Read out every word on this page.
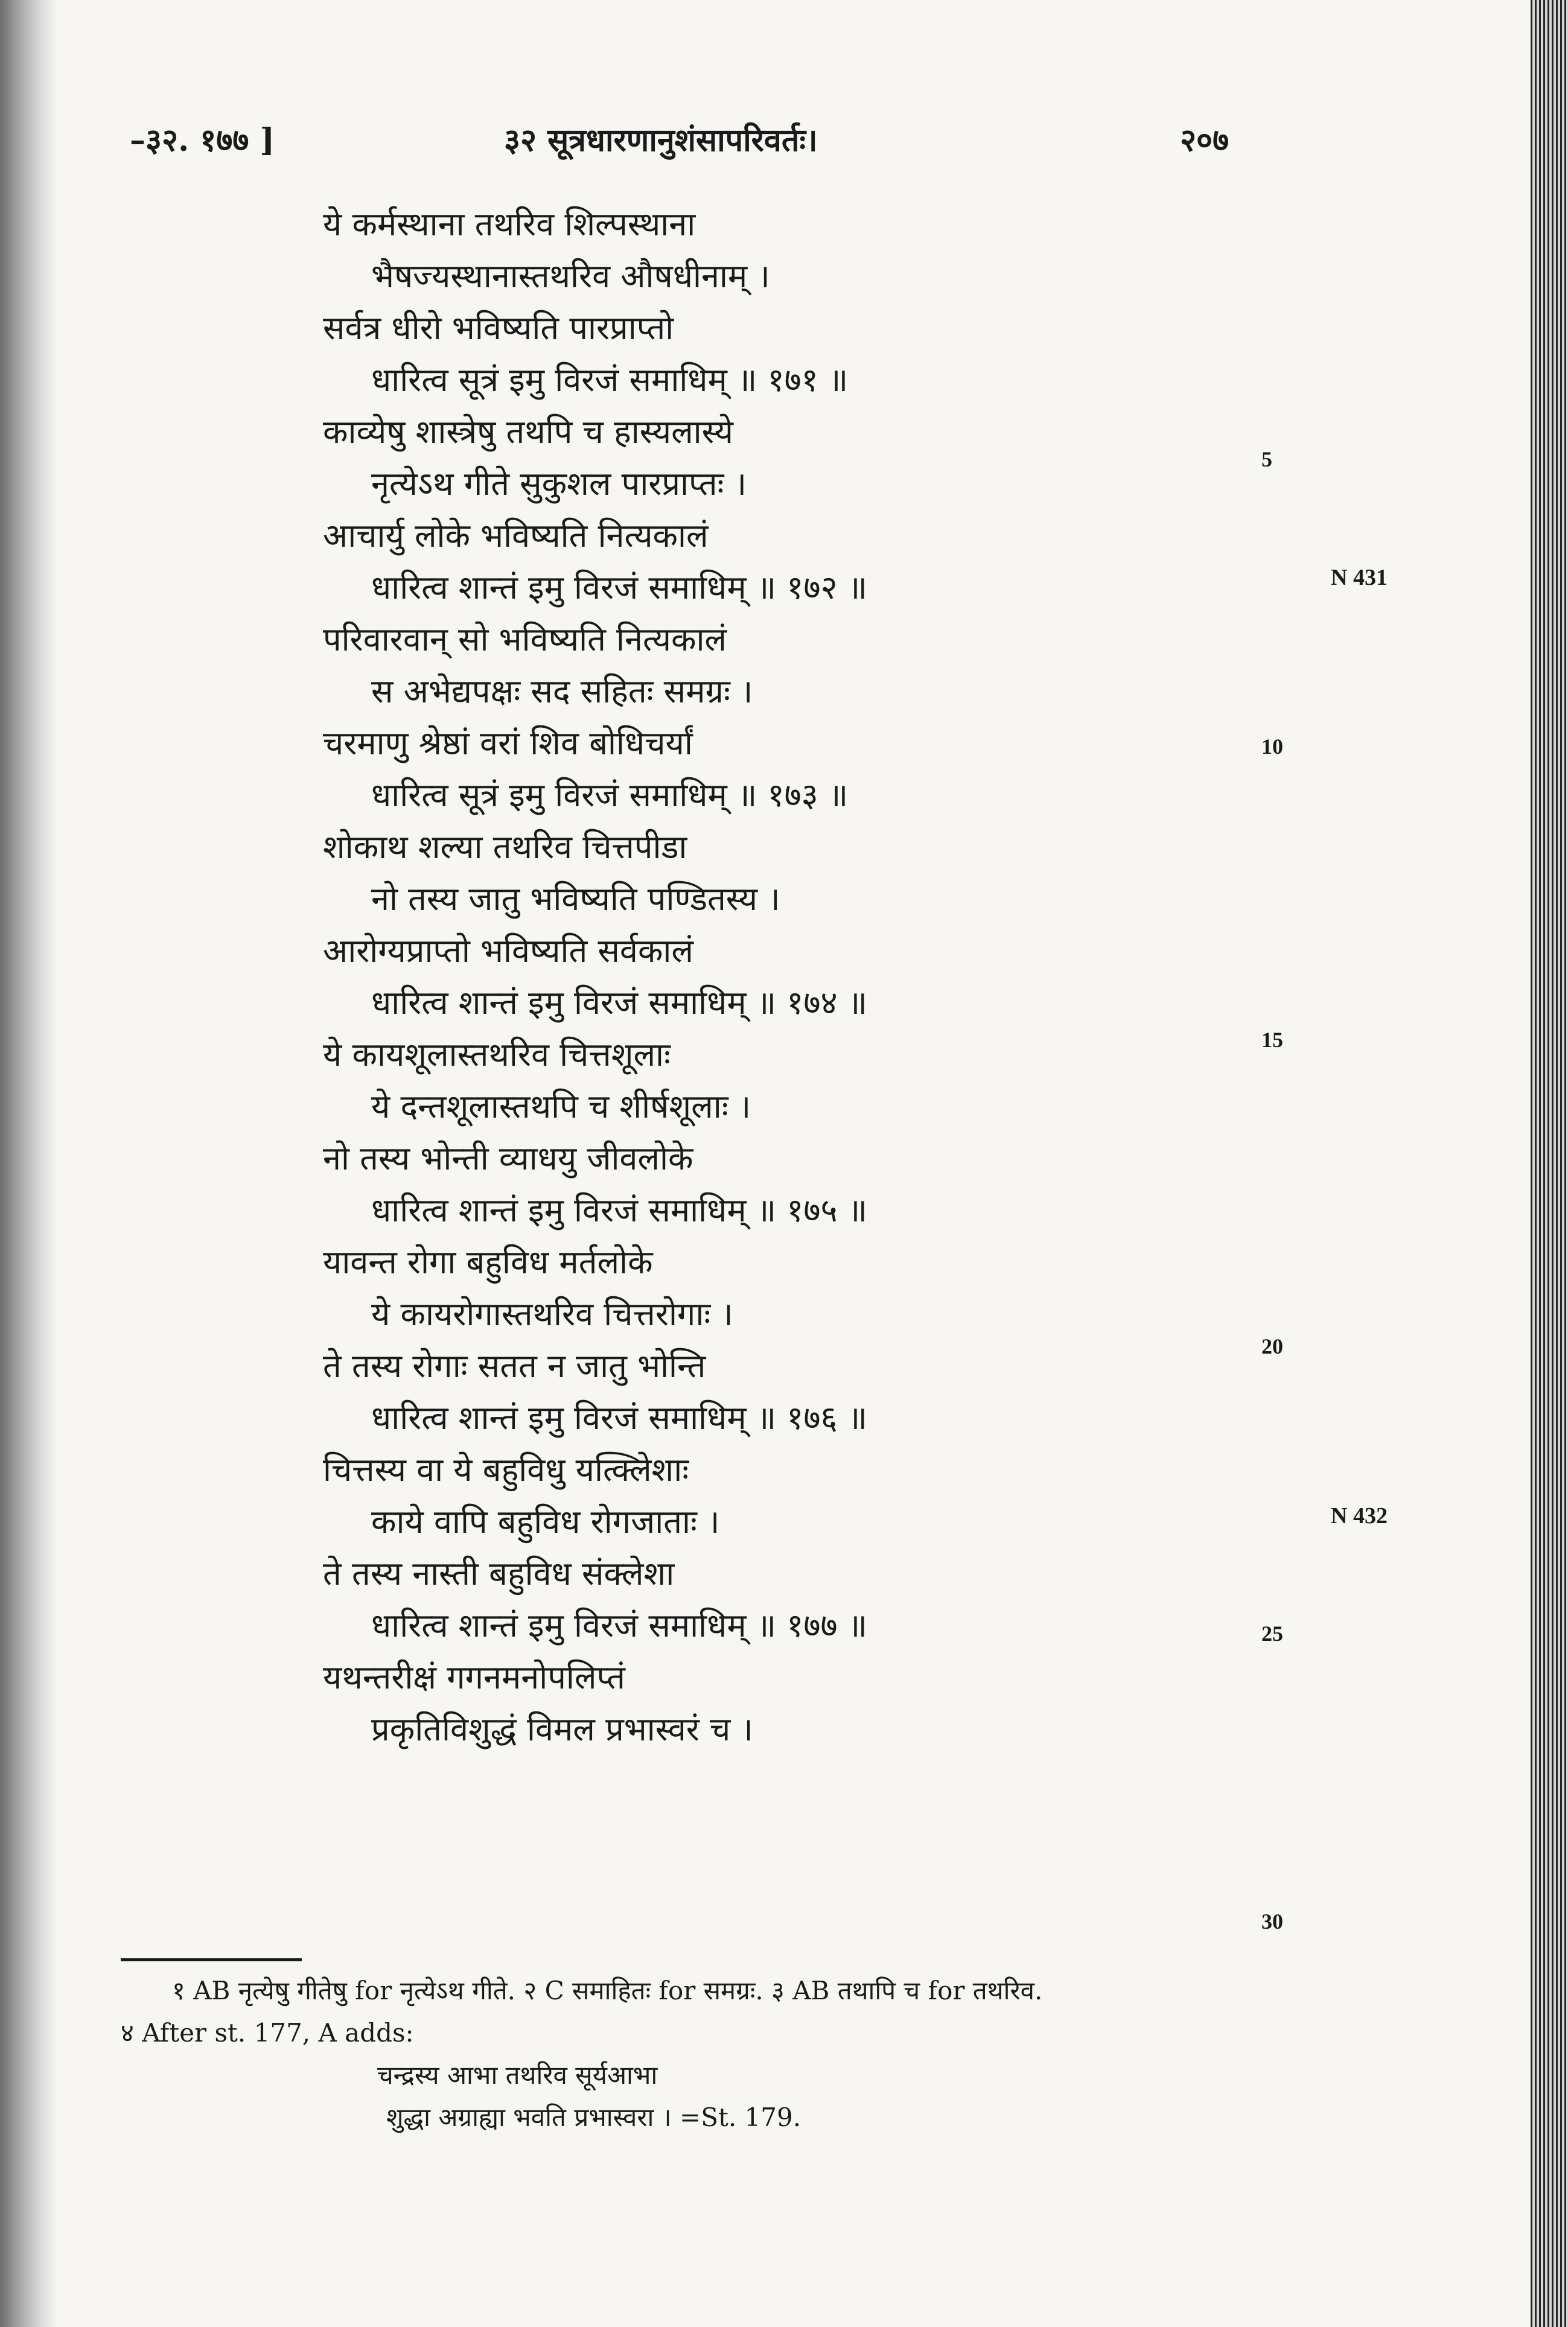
–३२. १७७ ]	३२ सूत्रधारणानुशंसापरिवर्तः।	२०७
ये कर्मस्थाना तथरिव शिल्पस्थाना
भैषज्यस्थानास्तथरिव औषधीनाम् ।
सर्वत्र धीरो भविष्यति पारप्राप्तो
धारित्व सूत्रं इमु विरजं समाधिम् ॥ १७१ ॥
काव्येषु शास्त्रेषु तथपि च हास्यलास्ये
नृत्येऽथ गीते सुकुशल पारप्राप्तः ।
आचार्यु लोके भविष्यति नित्यकालं
धारित्व शान्तं इमु विरजं समाधिम् ॥ १७२ ॥
परिवारवान् सो भविष्यति नित्यकालं
स अभेद्यपक्षः सद सहितः समग्रः ।
चरमाणु श्रेष्ठां वरां शिव बोधिचर्यां
धारित्व सूत्रं इमु विरजं समाधिम् ॥ १७३ ॥
शोकाथ शल्या तथरिव चित्तपीडा
नो तस्य जातु भविष्यति पण्डितस्य ।
आरोग्यप्राप्तो भविष्यति सर्वकालं
धारित्व शान्तं इमु विरजं समाधिम् ॥ १७४ ॥
ये कायशूलास्तथरिव चित्तशूलाः
ये दन्तशूलास्तथपि च शीर्षशूलाः ।
नो तस्य भोन्ती व्याधयु जीवलोके
धारित्व शान्तं इमु विरजं समाधिम् ॥ १७५ ॥
यावन्त रोगा बहुविध मर्तलोके
ये कायरोगास्तथरिव चित्तरोगाः ।
ते तस्य रोगाः सतत न जातु भोन्ति
धारित्व शान्तं इमु विरजं समाधिम् ॥ १७६ ॥
चित्तस्य वा ये बहुविधु यत्क्लिेशाः
काये वापि बहुविध रोगजाताः ।
ते तस्य नास्ती बहुविध संक्लेशा
धारित्व शान्तं इमु विरजं समाधिम् ॥ १७७ ॥
यथन्तरीक्षं गगनमनोपलिप्तं
प्रकृतिविशुद्धं विमल प्रभास्वरं च ।
5
10
15
20
25
30
N 431
N 432
१ AB नृत्येषु गीतेषु for नृत्येऽथ गीते. २ C समाहितः for समग्रः. ३ AB तथापि च for तथरिव.
४ After st. 177, A adds:
चन्द्रस्य आभा तथरिव सूर्यआभा
शुद्धा अग्राह्या भवति प्रभास्वरा । =St. 179.
